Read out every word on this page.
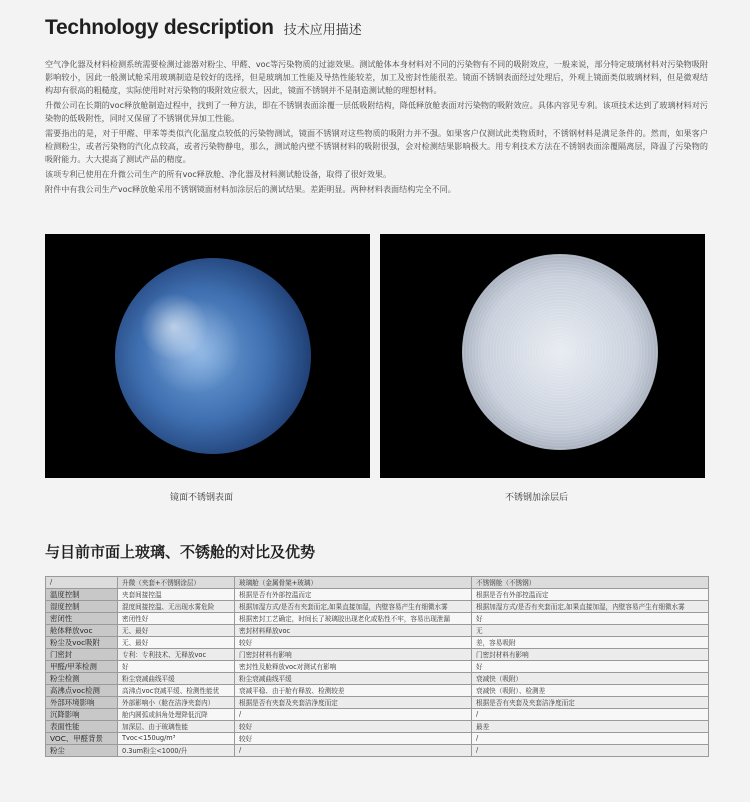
Technology description 技术应用描述

空气净化器及材料检测系统需要检测过滤器对粉尘、甲醛、voc等污染物质的过滤效果。测试舱体本身材料对不同的污染物有不同的吸附效应，一般来说，部分特定玻璃材料对污染物吸附影响较小，因此一般测试舱采用玻璃制造是较好的选择，但是玻璃加工性能及导热性能较差，加工及密封性能很差。镜面不锈钢表面经过处理后，外观上镜面类似玻璃材料，但是微观结构却有很高的粗糙度，实际使用时对污染物的吸附效应很大，因此，镜面不锈钢并不是制造测试舱的理想材料。

升微公司在长期的voc释放舱制造过程中，找到了一种方法，即在不锈钢表面涂覆一层低吸附结构，降低释放舱表面对污染物的吸附效应。具体内容见专利。该项技术达到了玻璃材料对污染物的低吸附性，同时又保留了不锈钢优异加工性能。

需要指出的是，对于甲醛、甲苯等类似汽化温度点较低的污染物测试，镜面不锈钢对这些物质的吸附力并不强。如果客户仅测试此类物质时，不锈钢材料是满足条件的。然而，如果客户检测粉尘，或者污染物的汽化点较高，或者污染物静电，那么，测试舱内壁不锈钢材料的吸附很强，会对检测结果影响极大。用专利技术方法在不锈钢表面涂覆隔离层，降温了污染物的吸附能力。大大提高了测试产品的精度。

该项专利已使用在升微公司生产的所有voc释放舱、净化器及材料测试舱设备，取得了很好效果。

附件中有我公司生产voc释放舱采用不锈钢镜面材料加涂层后的测试结果。差距明显。两种材料表面结构完全不同。

镜面不锈钢表面	不锈钢加涂层后
与目前市面上玻璃、不锈舱的对比及优势
/	升微（夹套+不锈钢涂层）	玻璃舱（金属骨架+玻璃）	不锈钢舱（不锈钢）
温度控制	夹套间接控温	根据是否有外部控温而定	根据是否有外部控温而定
湿度控制	混度间接控温、无出现水雾危险	根据加湿方式/是否有夹套而定,如果直接加湿，内壁容易产生有细微水雾	根据加湿方式/是否有夹套而定,如果直接加湿，内壁容易产生有细微水雾
密闭性	密闭性好	根据密封工艺确定，时间长了玻璃胶出现老化或粘性不牢，容易出现泄漏	好
舱体释放voc	无、最好	密封材料释放voc	无
粉尘及voc吸附	无、最好	较好	差，容易吸附
门密封	专利：专利技术、无释放voc	门密封材料有影响	门密封材料有影响
甲醛/甲苯检测	好	密封性及舱释放voc对测试有影响	好
粉尘检测	粉尘衰减曲线平缓	粉尘衰减曲线平缓	衰减快（吸附）
高沸点voc检测	高沸点voc衰减平缓、检测性能优	衰减平稳、由于舱有释放、检测较差	衰减快（吸附）、检测差
外部环境影响	外部影响小（舱在洁净夹套内）	根据是否有夹套及夹套洁净度而定	根据是否有夹套及夹套洁净度而定
沉降影响	舱内圆弧或斜角处理降低沉降	/	/
表面性能	加深层、由于玻璃性能	较好	最差
VOC、甲醛背景	Tvoc<150ug/m³	较好	/
粉尘	0.3um粉尘<1000/升	/	/
